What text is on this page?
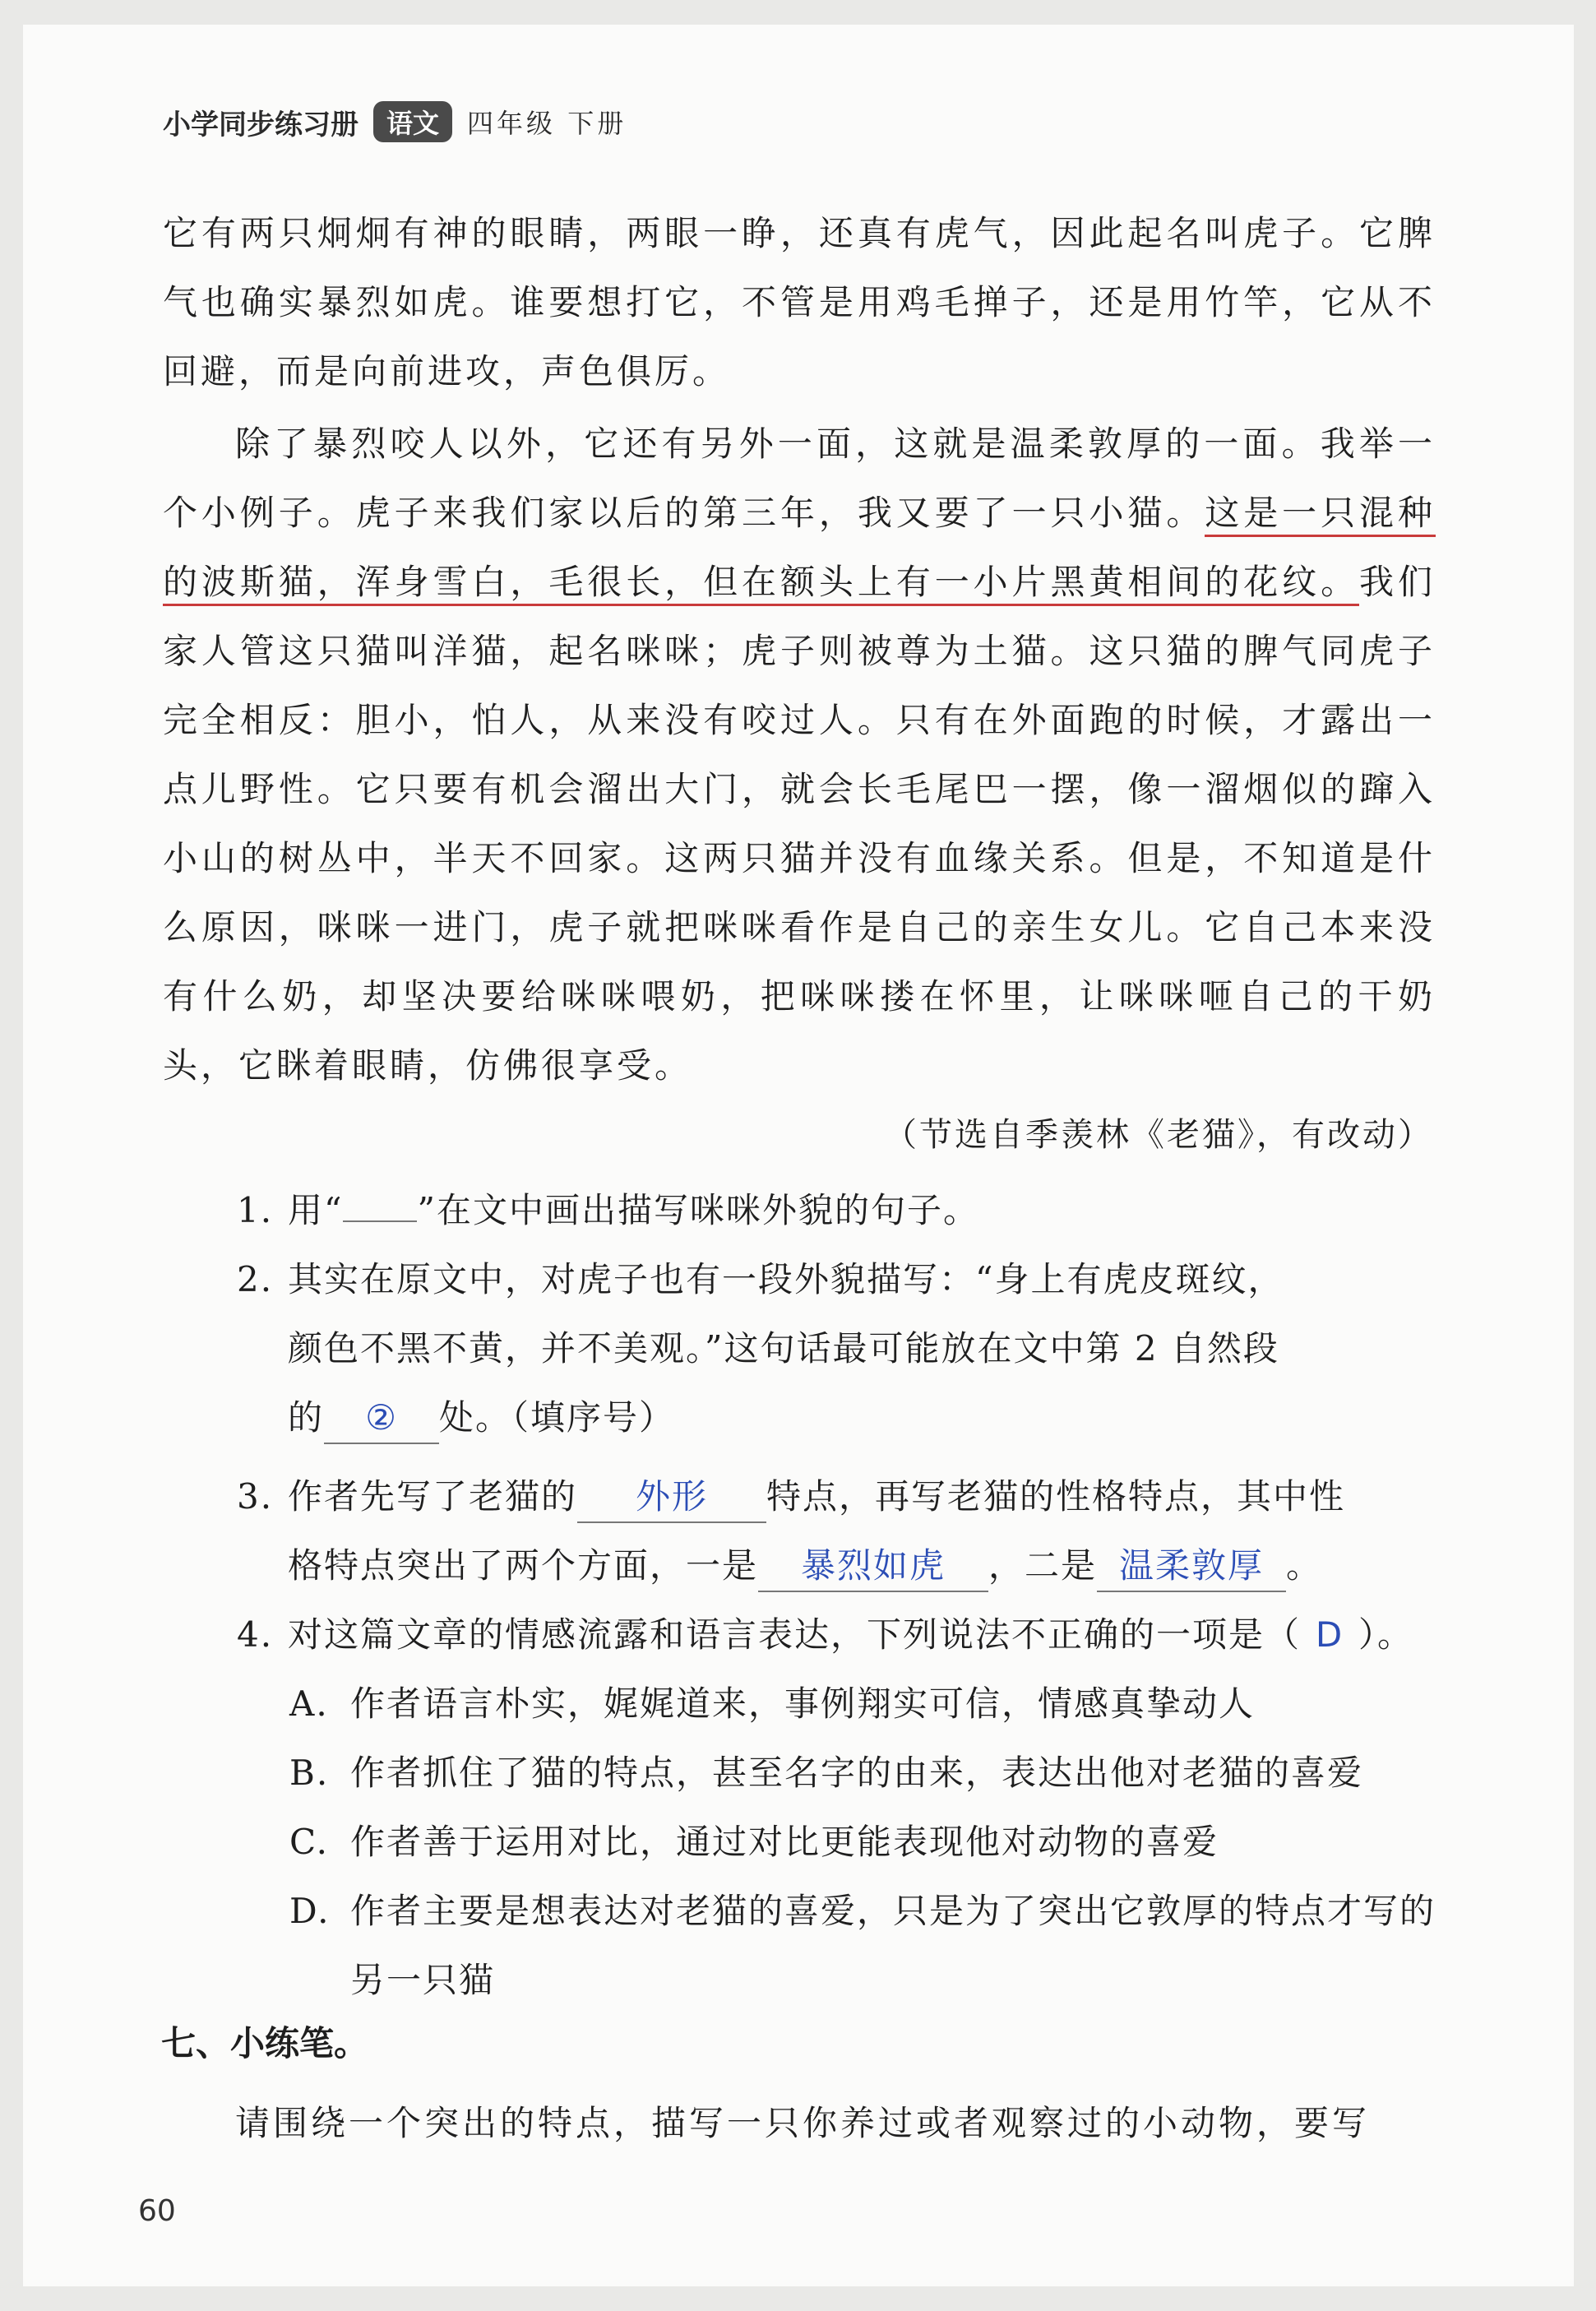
小学同步练习册	语文	四年级 下册
它有两只炯炯有神的眼睛，两眼一睁，还真有虎气，因此起名叫虎子。它脾气也确实暴烈如虎。谁要想打它，不管是用鸡毛掸子，还是用竹竿，它从不回避，而是向前进攻，声色俱厉。
除了暴烈咬人以外，它还有另外一面，这就是温柔敦厚的一面。我举一个小例子。虎子来我们家以后的第三年，我又要了一只小猫。这是一只混种的波斯猫，浑身雪白，毛很长，但在额头上有一小片黑黄相间的花纹。我们家人管这只猫叫洋猫，起名咪咪；虎子则被尊为土猫。这只猫的脾气同虎子完全相反：胆小，怕人，从来没有咬过人。只有在外面跑的时候，才露出一点儿野性。它只要有机会溜出大门，就会长毛尾巴一摆，像一溜烟似的蹿入小山的树丛中，半天不回家。这两只猫并没有血缘关系。但是，不知道是什么原因，咪咪一进门，虎子就把咪咪看作是自己的亲生女儿。它自己本来没有什么奶，却坚决要给咪咪喂奶，把咪咪搂在怀里，让咪咪咂自己的干奶头，它眯着眼睛，仿佛很享受。
（节选自季羡林《老猫》，有改动）
1. 用“ ”在文中画出描写咪咪外貌的句子。
2. 其实在原文中，对虎子也有一段外貌描写：“身上有虎皮斑纹，
颜色不黑不黄，并不美观。”这句话最可能放在文中第 2 自然段
的 ② 处。（填序号）
3. 作者先写了老猫的 外形 特点，再写老猫的性格特点，其中性
格特点突出了两个方面，一是 暴烈如虎 ，二是 温柔敦厚 。
4. 对这篇文章的情感流露和语言表达，下列说法不正确的一项是（ D ）。
A. 作者语言朴实，娓娓道来，事例翔实可信，情感真挚动人
B. 作者抓住了猫的特点，甚至名字的由来，表达出他对老猫的喜爱
C. 作者善于运用对比，通过对比更能表现他对动物的喜爱
D. 作者主要是想表达对老猫的喜爱，只是为了突出它敦厚的特点才写的另一只猫
七、小练笔。
请围绕一个突出的特点，描写一只你养过或者观察过的小动物，要写
60
